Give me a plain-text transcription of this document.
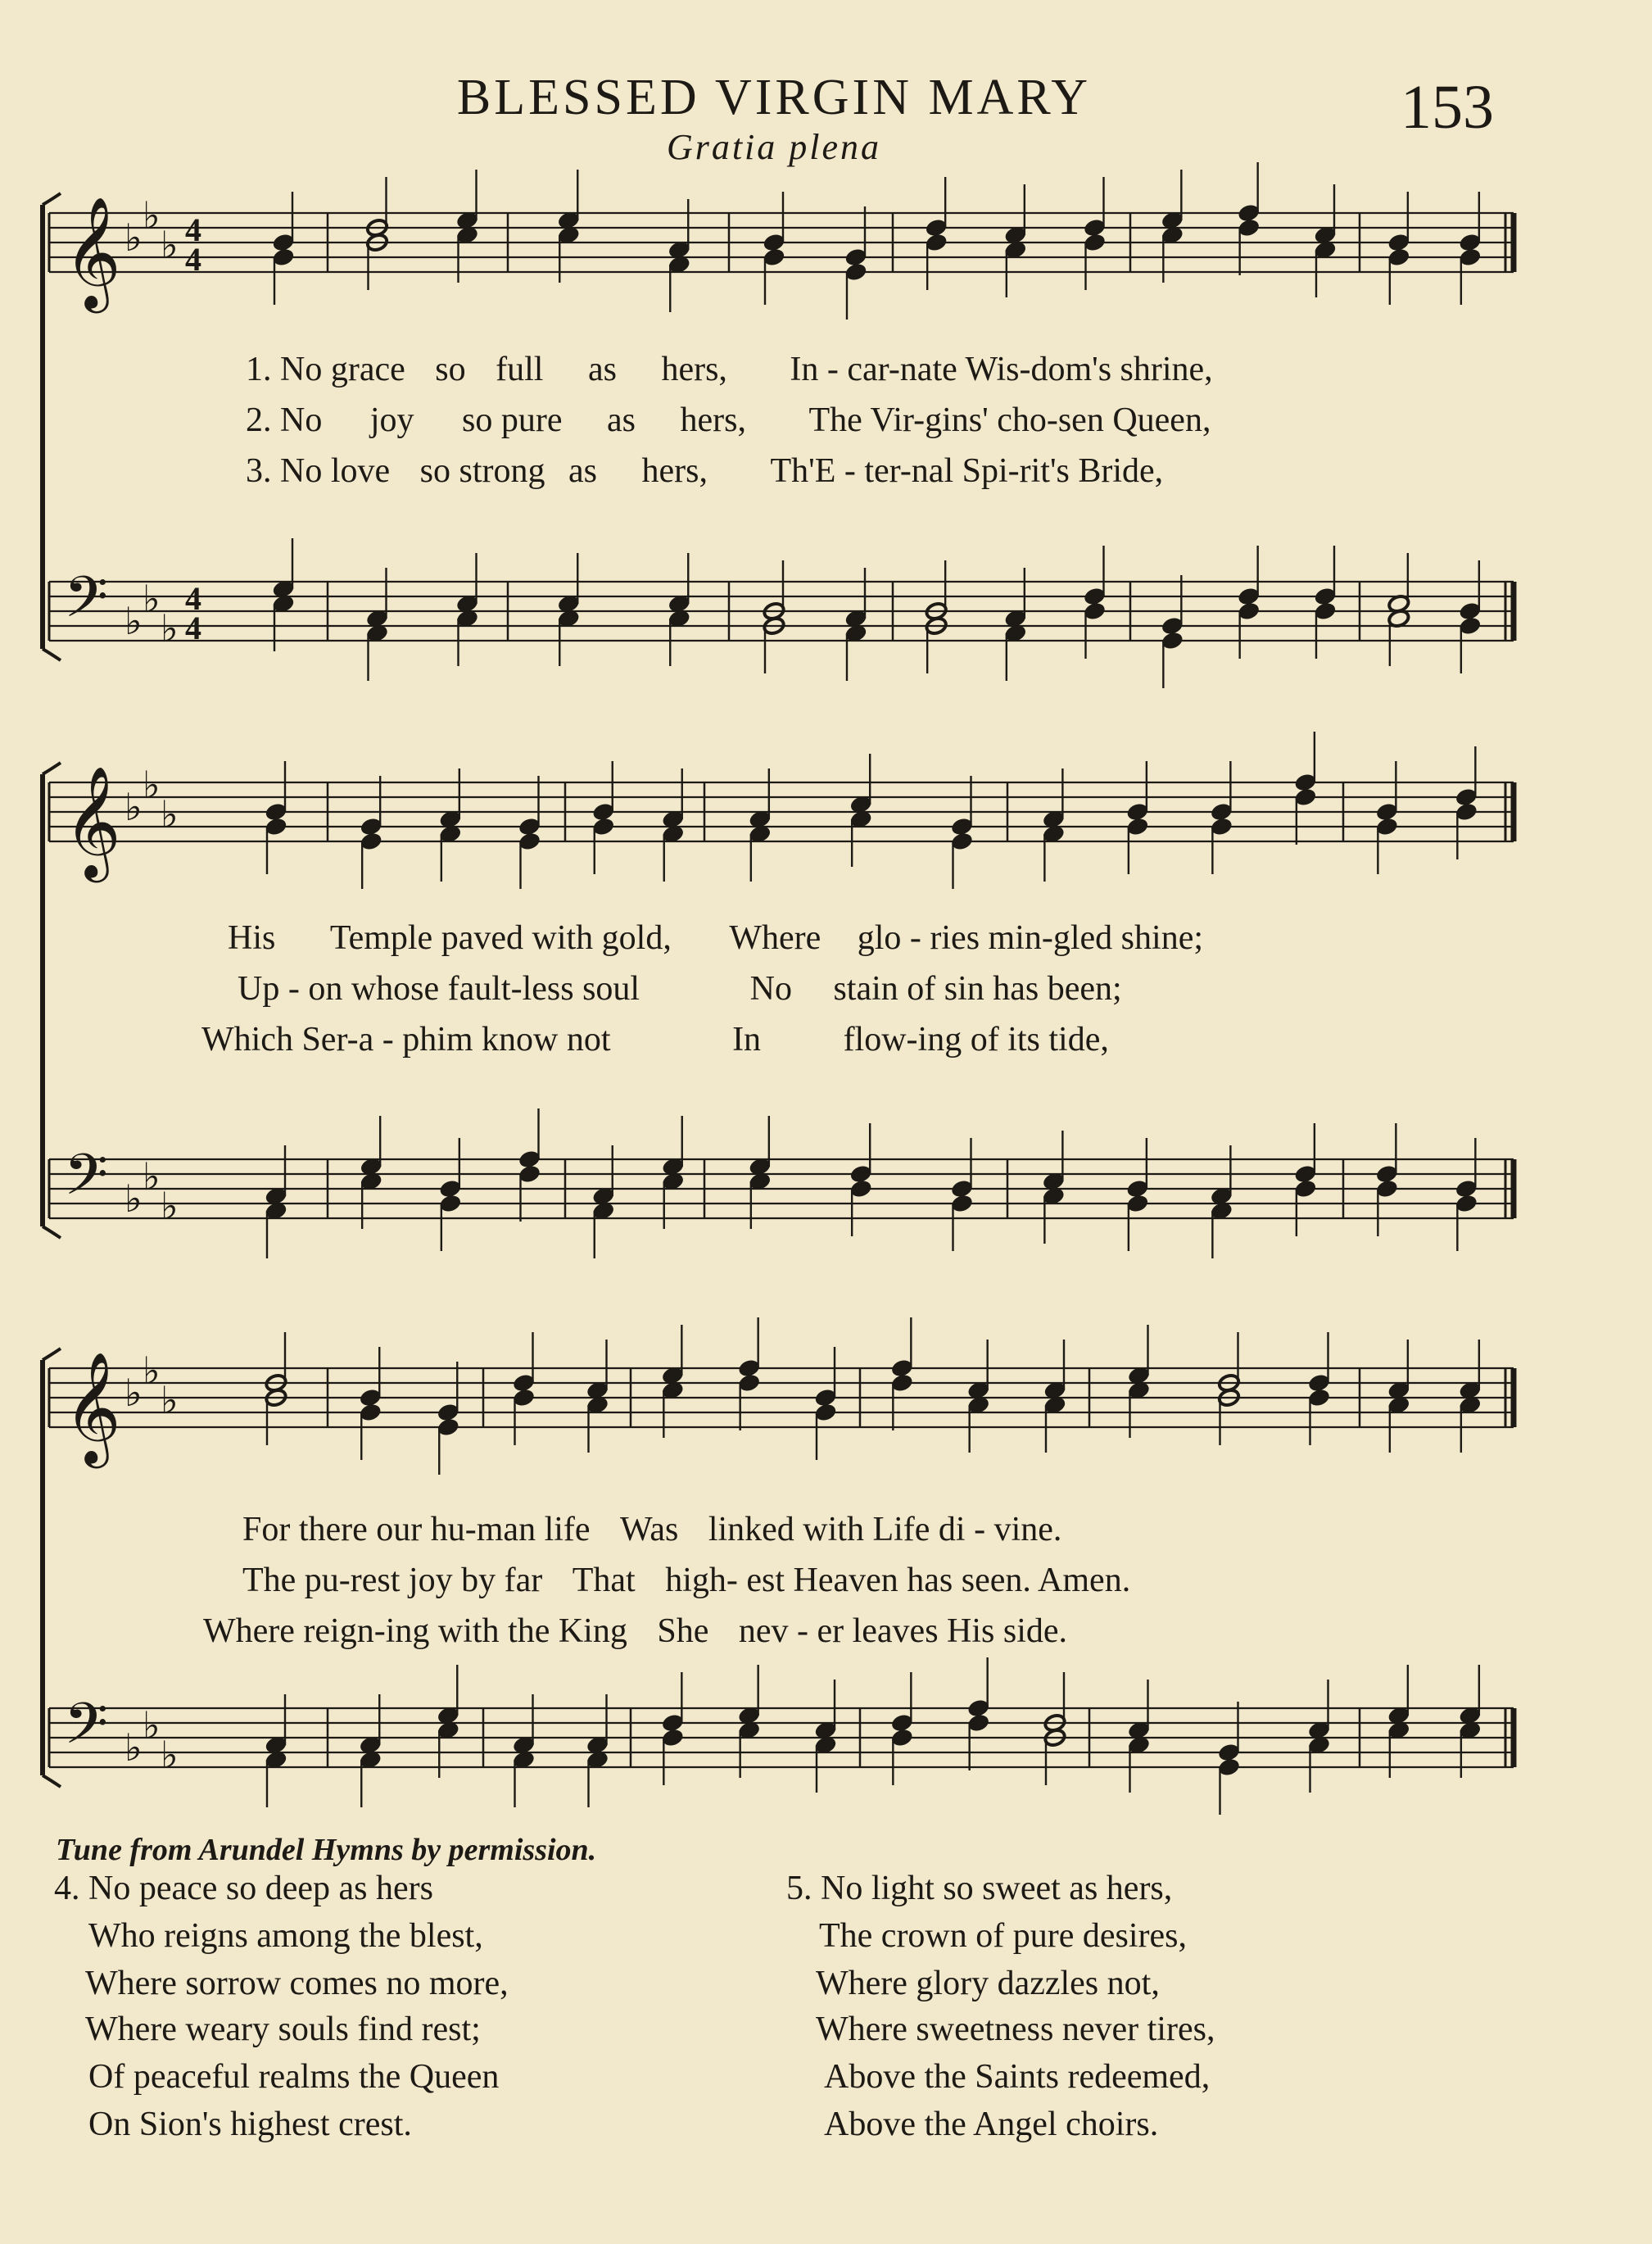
BLESSED VIRGIN MARY
Gratia plena
153
𝄞 ♭ ♭
♭ 4
4
𝄢 ♭ ♭
♭
4
4
1. No grace so full as hers, In - car-nate Wis-dom's shrine,
2. No joy so pure as hers, The Vir-gins' cho-sen Queen,
3. No love so strong as hers, Th'E - ter-nal Spi-rit's Bride,
𝄞 ♭ ♭
♭
𝄢 ♭ ♭
♭
His Temple paved with gold, Where glo - ries min-gled shine;
Up - on whose fault-less soul	No stain of sin has been;
Which Ser-a - phim know not	In flow-ing of its tide,
𝄞 ♭ ♭
♭
𝄢 ♭ ♭
♭
For there our hu-man life Was linked with Life di - vine.
The pu-rest joy by far That high- est Heaven has seen. Amen.
Where reign-ing with the King She nev - er leaves His side.
Tune from Arundel Hymns by permission.
4. No peace so deep as hers
Who reigns among the blest,
Where sorrow comes no more,
Where weary souls find rest;
Of peaceful realms the Queen
On Sion's highest crest.
5. No light so sweet as hers,
The crown of pure desires,
Where glory dazzles not,
Where sweetness never tires,
Above the Saints redeemed,
Above the Angel choirs.
